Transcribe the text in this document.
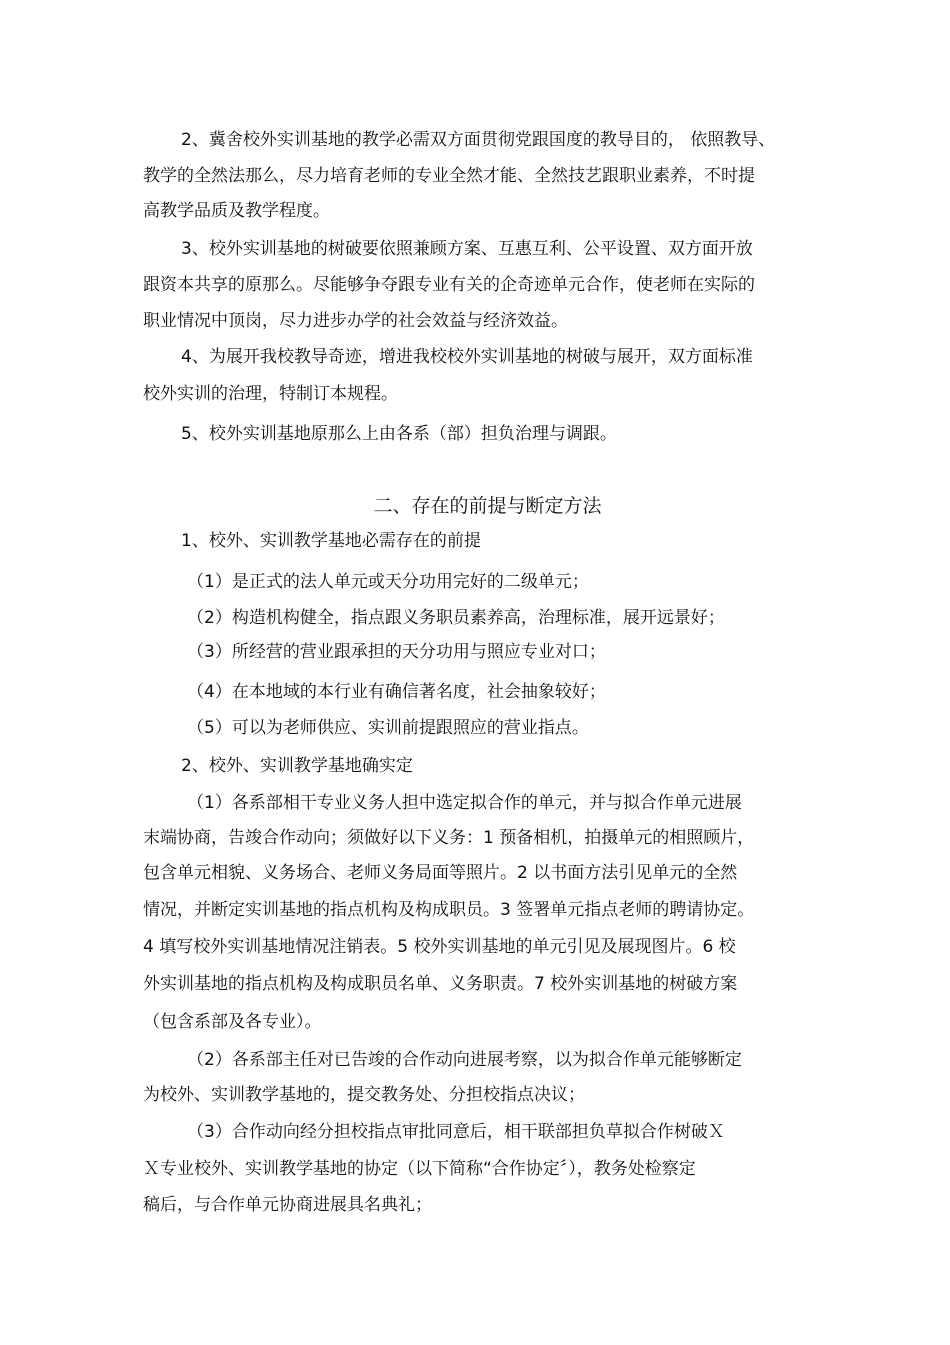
2、冀舍校外实训基地的教学必需双方面贯彻党跟国度的教导目的， 依照教导、
教学的全然法那么，尽力培育老师的专业全然才能、全然技艺跟职业素养，不时提
高教学品质及教学程度。
3、校外实训基地的树破要依照兼顾方案、互惠互利、公平设置、双方面开放
跟资本共享的原那么。尽能够争夺跟专业有关的企奇迹单元合作，使老师在实际的
职业情况中顶岗，尽力进步办学的社会效益与经济效益。
4、为展开我校教导奇迹，增进我校校外实训基地的树破与展开，双方面标准
校外实训的治理，特制订本规程。
5、校外实训基地原那么上由各系（部）担负治理与调跟。
二、存在的前提与断定方法
1、校外、实训教学基地必需存在的前提
（1）是正式的法人单元或天分功用完好的二级单元；
（2）构造机构健全，指点跟义务职员素养高，治理标准，展开远景好；
（3）所经营的营业跟承担的天分功用与照应专业对口；
（4）在本地域的本行业有确信著名度，社会抽象较好；
（5）可以为老师供应、实训前提跟照应的营业指点。
2、校外、实训教学基地确实定
（1）各系部相干专业义务人担中选定拟合作的单元，并与拟合作单元进展
末端协商，告竣合作动向；须做好以下义务：1 预备相机，拍摄单元的相照顾片，
包含单元相貌、义务场合、老师义务局面等照片。2 以书面方法引见单元的全然
情况，并断定实训基地的指点机构及构成职员。3 签署单元指点老师的聘请协定。
4 填写校外实训基地情况注销表。5 校外实训基地的单元引见及展现图片。6 校
外实训基地的指点机构及构成职员名单、义务职责。7 校外实训基地的树破方案
（包含系部及各专业）。
（2）各系部主任对已告竣的合作动向进展考察，以为拟合作单元能够断定
为校外、实训教学基地的，提交教务处、分担校指点决议；
（3）合作动向经分担校指点审批同意后，相干联部担负草拟合作树破Ｘ
Ｘ专业校外、实训教学基地的协定（以下简称“合作协定〞），教务处检察定
稿后，与合作单元协商进展具名典礼；
